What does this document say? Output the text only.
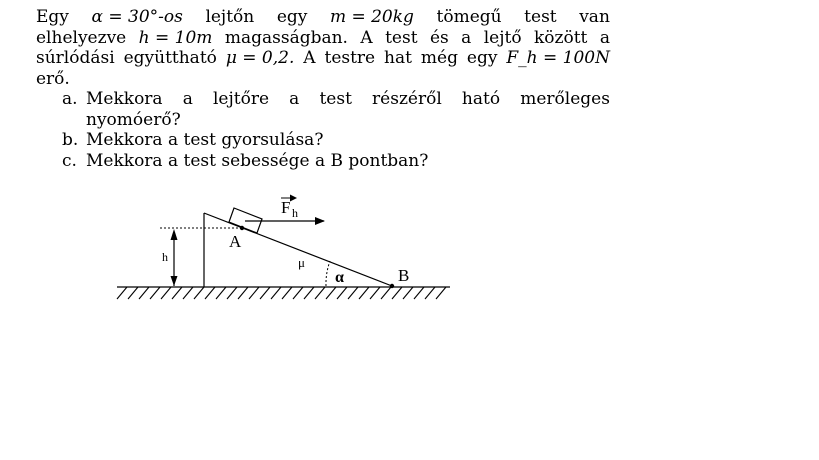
Egy α = 30°-os lejtőn egy m = 20kg tömegű test van
elhelyezve h = 10m magasságban. A test és a lejtő között a
súrlódási együttható μ = 0,2. A testre hat még egy F_h = 100N
erő.
a. Mekkora a lejtőre a test részéről ható merőleges
nyomóerő?
b. Mekkora a test gyorsulása?
c. Mekkora a test sebessége a B pontban?
F h
h
A
B
μ
α
